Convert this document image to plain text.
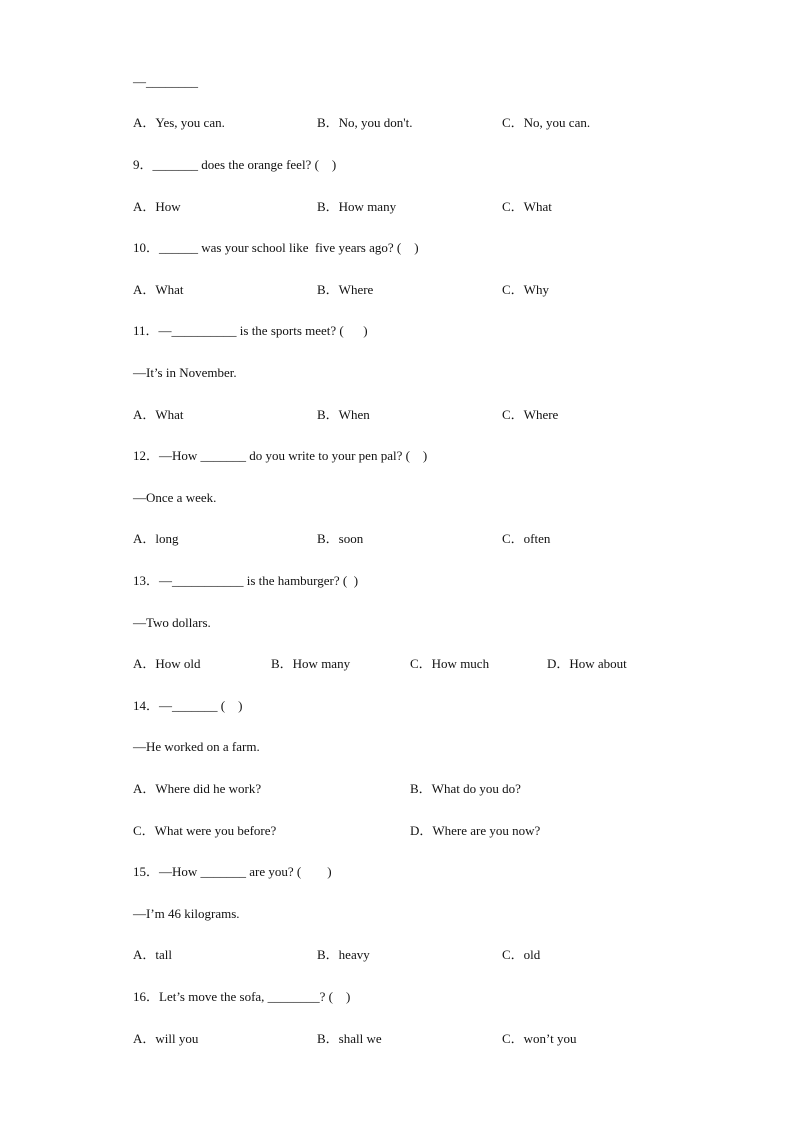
—________
A．Yes, you can.	B．No, you don't.	C．No, you can.
9．_______ does the orange feel? (    )
A．How	B．How many	C．What
10．______ was your school like  five years ago? (    )
A．What	B．Where	C．Why
11．—__________ is the sports meet? (      )
—It’s in November.
A．What	B．When	C．Where
12．—How _______ do you write to your pen pal? (    )
—Once a week.
A．long	B．soon	C．often
13．—___________ is the hamburger? (  )
—Two dollars.
A．How old	B．How many	C．How much	D．How about
14．—_______ (    )
—He worked on a farm.
A．Where did he work?	B．What do you do?
C．What were you before?	D．Where are you now?
15．—How _______ are you? (        )
—I’m 46 kilograms.
A．tall	B．heavy	C．old
16．Let’s move the sofa, ________? (    )
A．will you	B．shall we	C．won’t you
